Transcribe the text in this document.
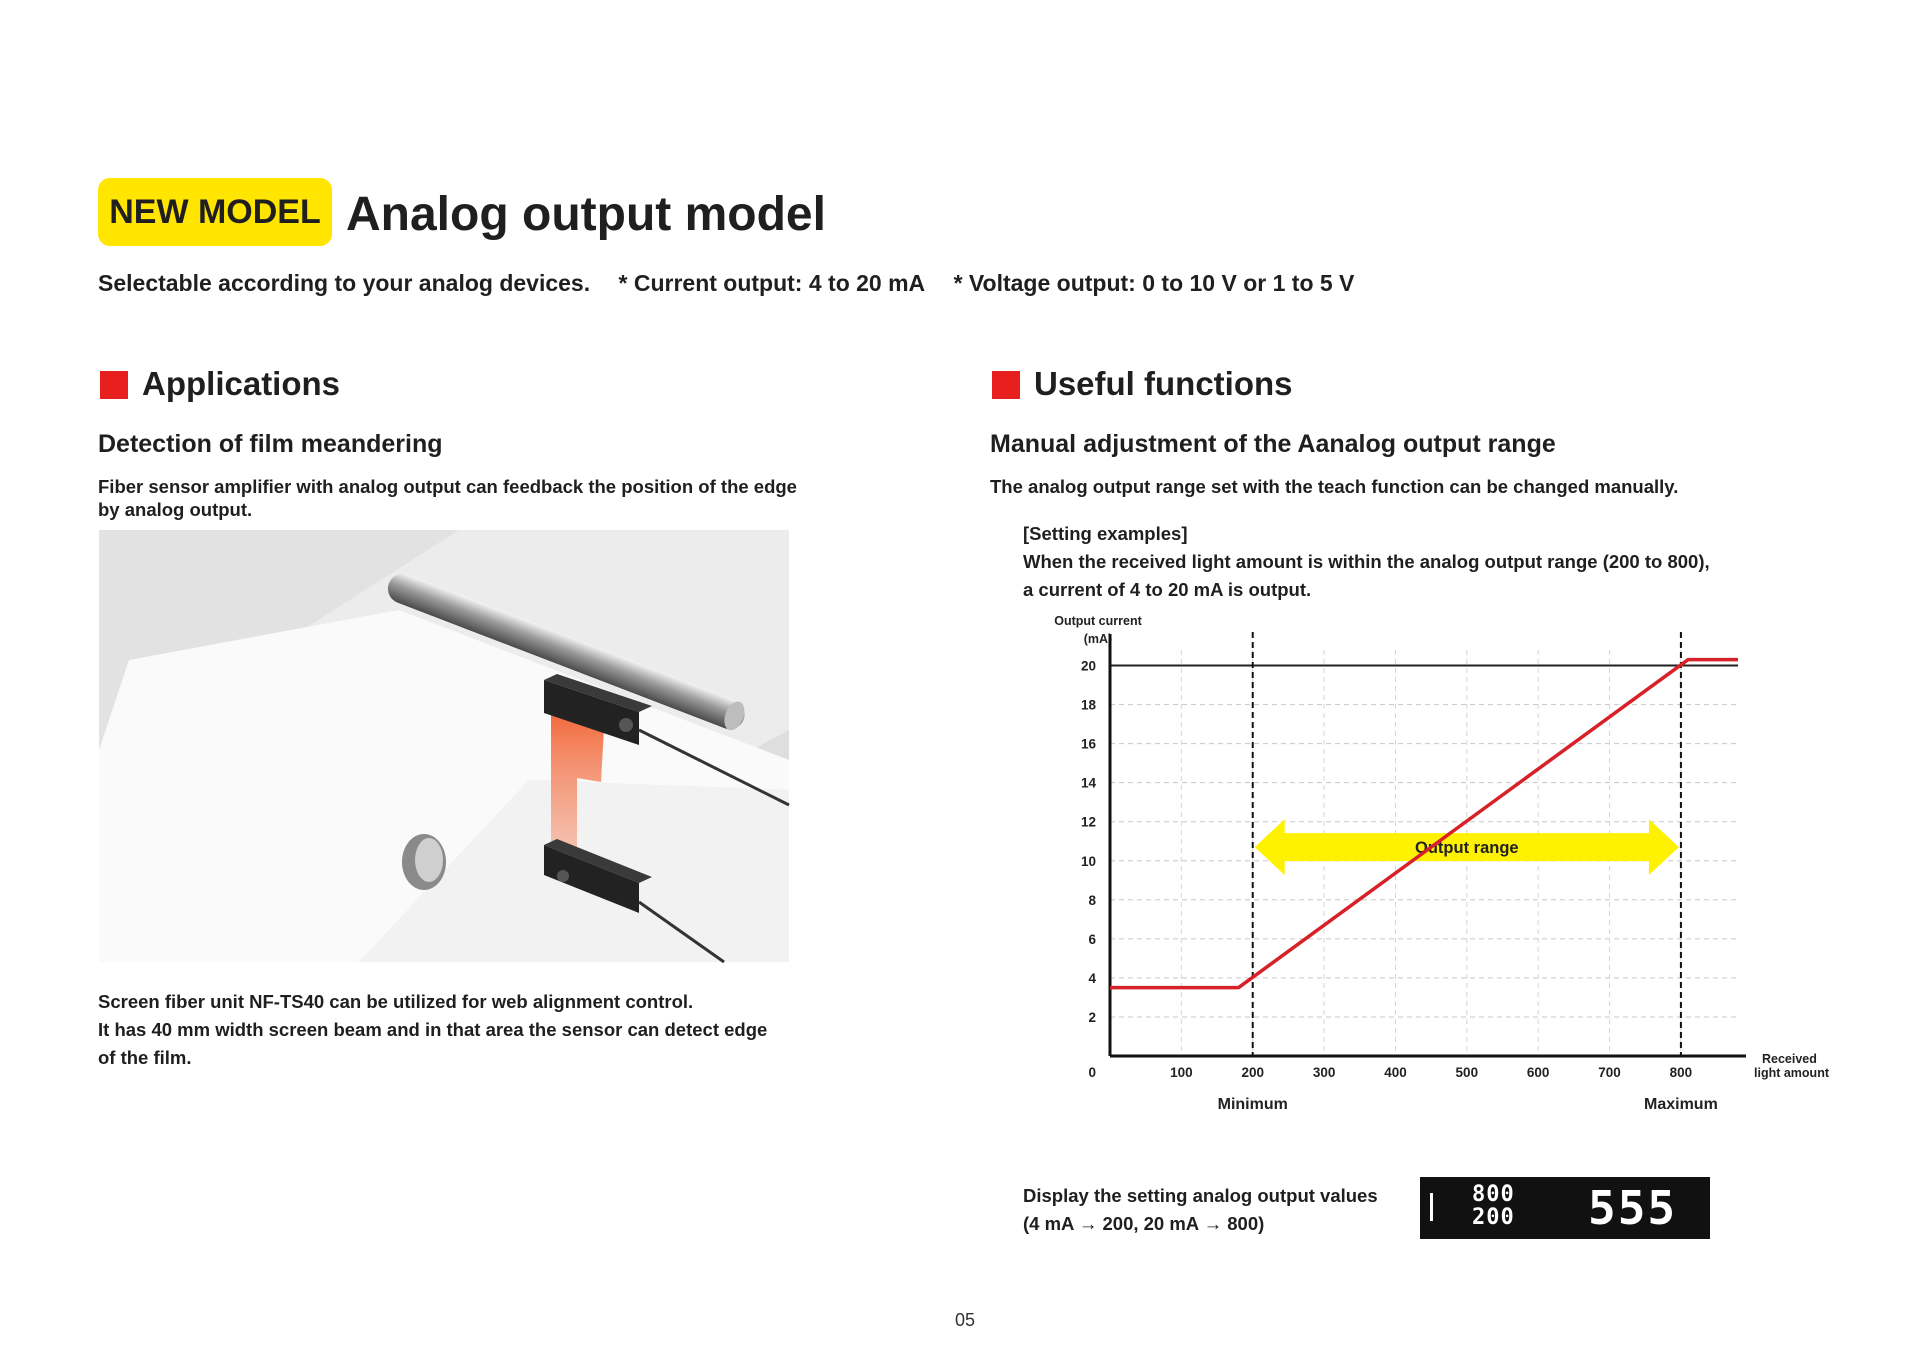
NEW MODEL Analog output model
Selectable according to your analog devices. * Current output: 4 to 20 mA * Voltage output: 0 to 10 V or 1 to 5 V
Applications
Detection of film meandering
Fiber sensor amplifier with analog output can feedback the position of the edge
by analog output.
Screen fiber unit NF-TS40 can be utilized for web alignment control.
It has 40 mm width screen beam and in that area the sensor can detect edge
of the film.
Useful functions
Manual adjustment of the Aanalog output range
The analog output range set with the teach function can be changed manually.
[Setting examples]
When the received light amount is within the analog output range (200 to 800),
a current of 4 to 20 mA is output.
Output current
(mA)
Output range
2
4
6
8
10
12
14
16
18
20
0	100	200	300	400	500	600	700	800
Minimum	Maximum
Received
light amount
Display the setting analog output values
(4 mA → 200, 20 mA → 800)
800
200 555
05
